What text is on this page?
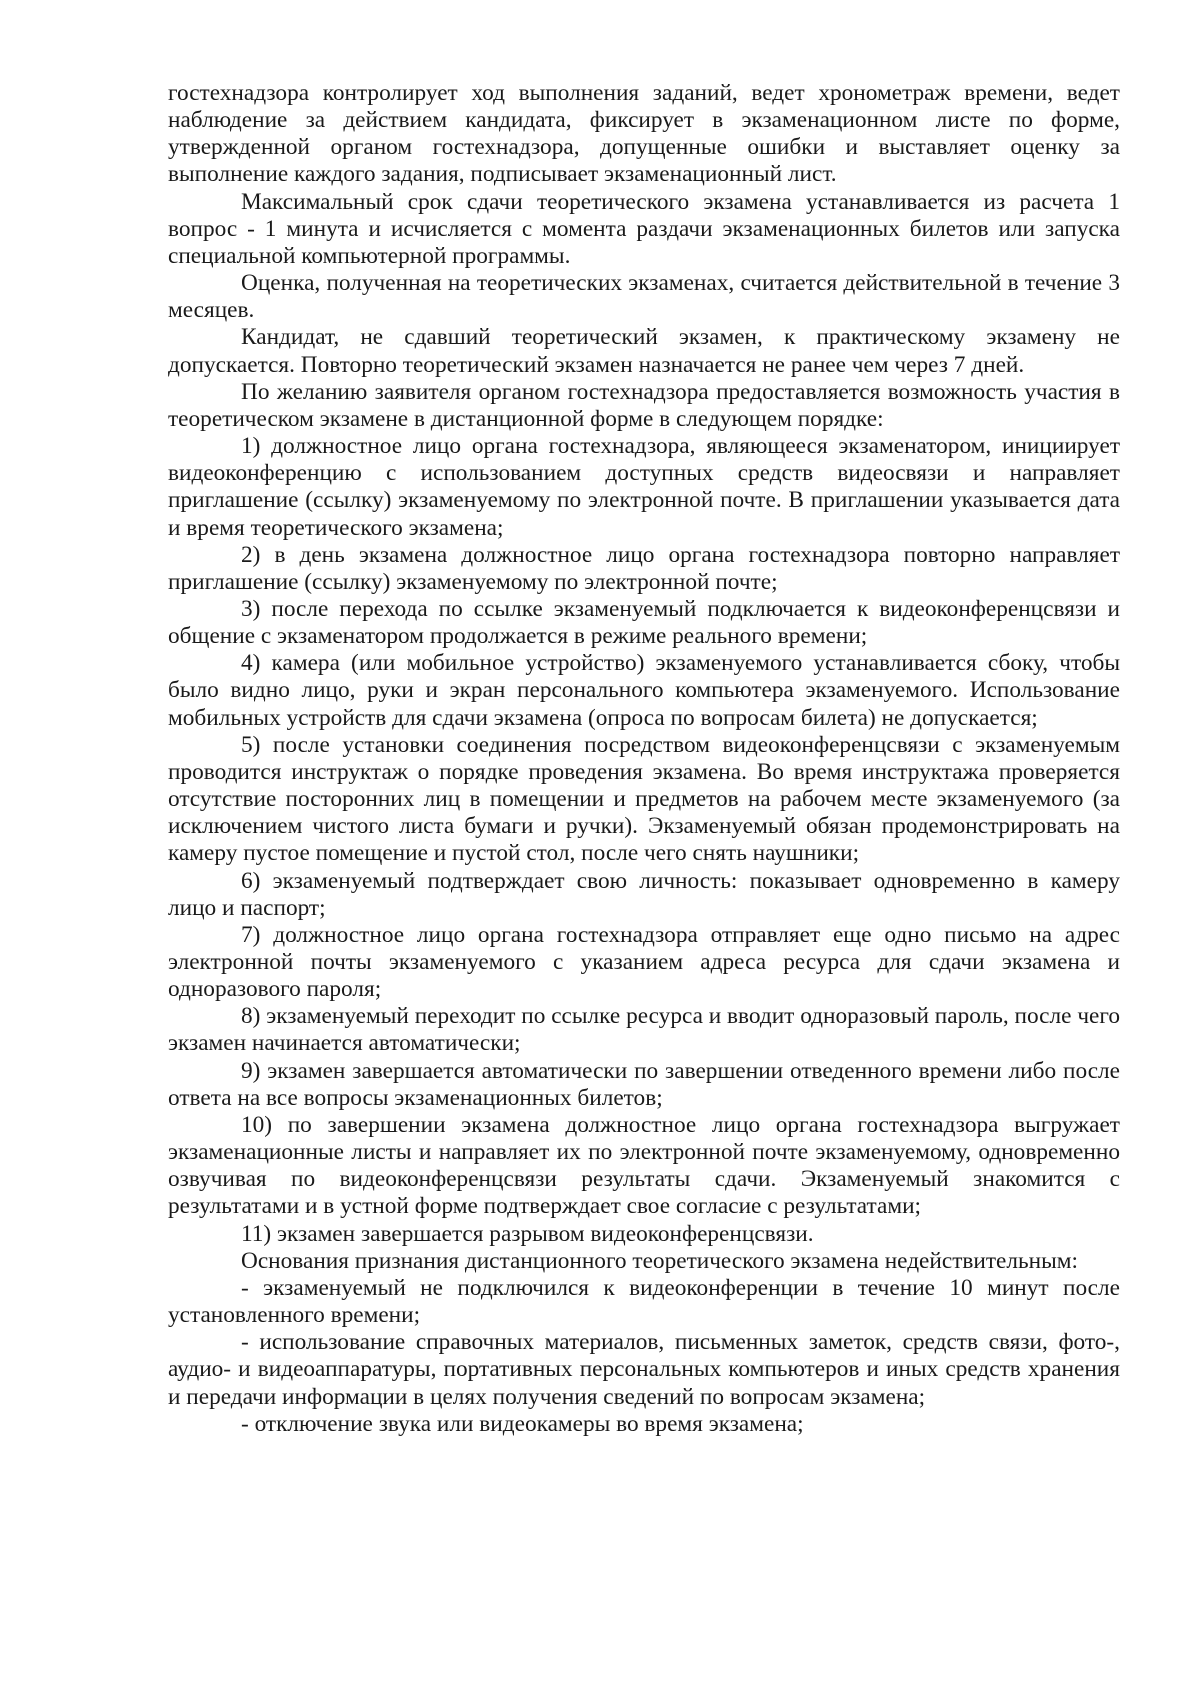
гостехнадзора контролирует ход выполнения заданий, ведет хронометраж времени, ведет наблюдение за действием кандидата, фиксирует в экзаменационном листе по форме, утвержденной органом гостехнадзора, допущенные ошибки и выставляет оценку за выполнение каждого задания, подписывает экзаменационный лист.

Максимальный срок сдачи теоретического экзамена устанавливается из расчета 1 вопрос - 1 минута и исчисляется с момента раздачи экзаменационных билетов или запуска специальной компьютерной программы.

Оценка, полученная на теоретических экзаменах, считается действительной в течение 3 месяцев.

Кандидат, не сдавший теоретический экзамен, к практическому экзамену не допускается. Повторно теоретический экзамен назначается не ранее чем через 7 дней.

По желанию заявителя органом гостехнадзора предоставляется возможность участия в теоретическом экзамене в дистанционной форме в следующем порядке:

1) должностное лицо органа гостехнадзора, являющееся экзаменатором, инициирует видеоконференцию с использованием доступных средств видеосвязи и направляет приглашение (ссылку) экзаменуемому по электронной почте. В приглашении указывается дата и время теоретического экзамена;

2) в день экзамена должностное лицо органа гостехнадзора повторно направляет приглашение (ссылку) экзаменуемому по электронной почте;

3) после перехода по ссылке экзаменуемый подключается к видеоконференцсвязи и общение с экзаменатором продолжается в режиме реального времени;

4) камера (или мобильное устройство) экзаменуемого устанавливается сбоку, чтобы было видно лицо, руки и экран персонального компьютера экзаменуемого. Использование мобильных устройств для сдачи экзамена (опроса по вопросам билета) не допускается;

5) после установки соединения посредством видеоконференцсвязи с экзаменуемым проводится инструктаж о порядке проведения экзамена. Во время инструктажа проверяется отсутствие посторонних лиц в помещении и предметов на рабочем месте экзаменуемого (за исключением чистого листа бумаги и ручки). Экзаменуемый обязан продемонстрировать на камеру пустое помещение и пустой стол, после чего снять наушники;

6) экзаменуемый подтверждает свою личность: показывает одновременно в камеру лицо и паспорт;

7) должностное лицо органа гостехнадзора отправляет еще одно письмо на адрес электронной почты экзаменуемого с указанием адреса ресурса для сдачи экзамена и одноразового пароля;

8) экзаменуемый переходит по ссылке ресурса и вводит одноразовый пароль, после чего экзамен начинается автоматически;

9) экзамен завершается автоматически по завершении отведенного времени либо после ответа на все вопросы экзаменационных билетов;

10) по завершении экзамена должностное лицо органа гостехнадзора выгружает экзаменационные листы и направляет их по электронной почте экзаменуемому, одновременно озвучивая по видеоконференцсвязи результаты сдачи. Экзаменуемый знакомится с результатами и в устной форме подтверждает свое согласие с результатами;

11) экзамен завершается разрывом видеоконференцсвязи.

Основания признания дистанционного теоретического экзамена недействительным:

- экзаменуемый не подключился к видеоконференции в течение 10 минут после установленного времени;

- использование справочных материалов, письменных заметок, средств связи, фото-, аудио- и видеоаппаратуры, портативных персональных компьютеров и иных средств хранения и передачи информации в целях получения сведений по вопросам экзамена;

- отключение звука или видеокамеры во время экзамена;
